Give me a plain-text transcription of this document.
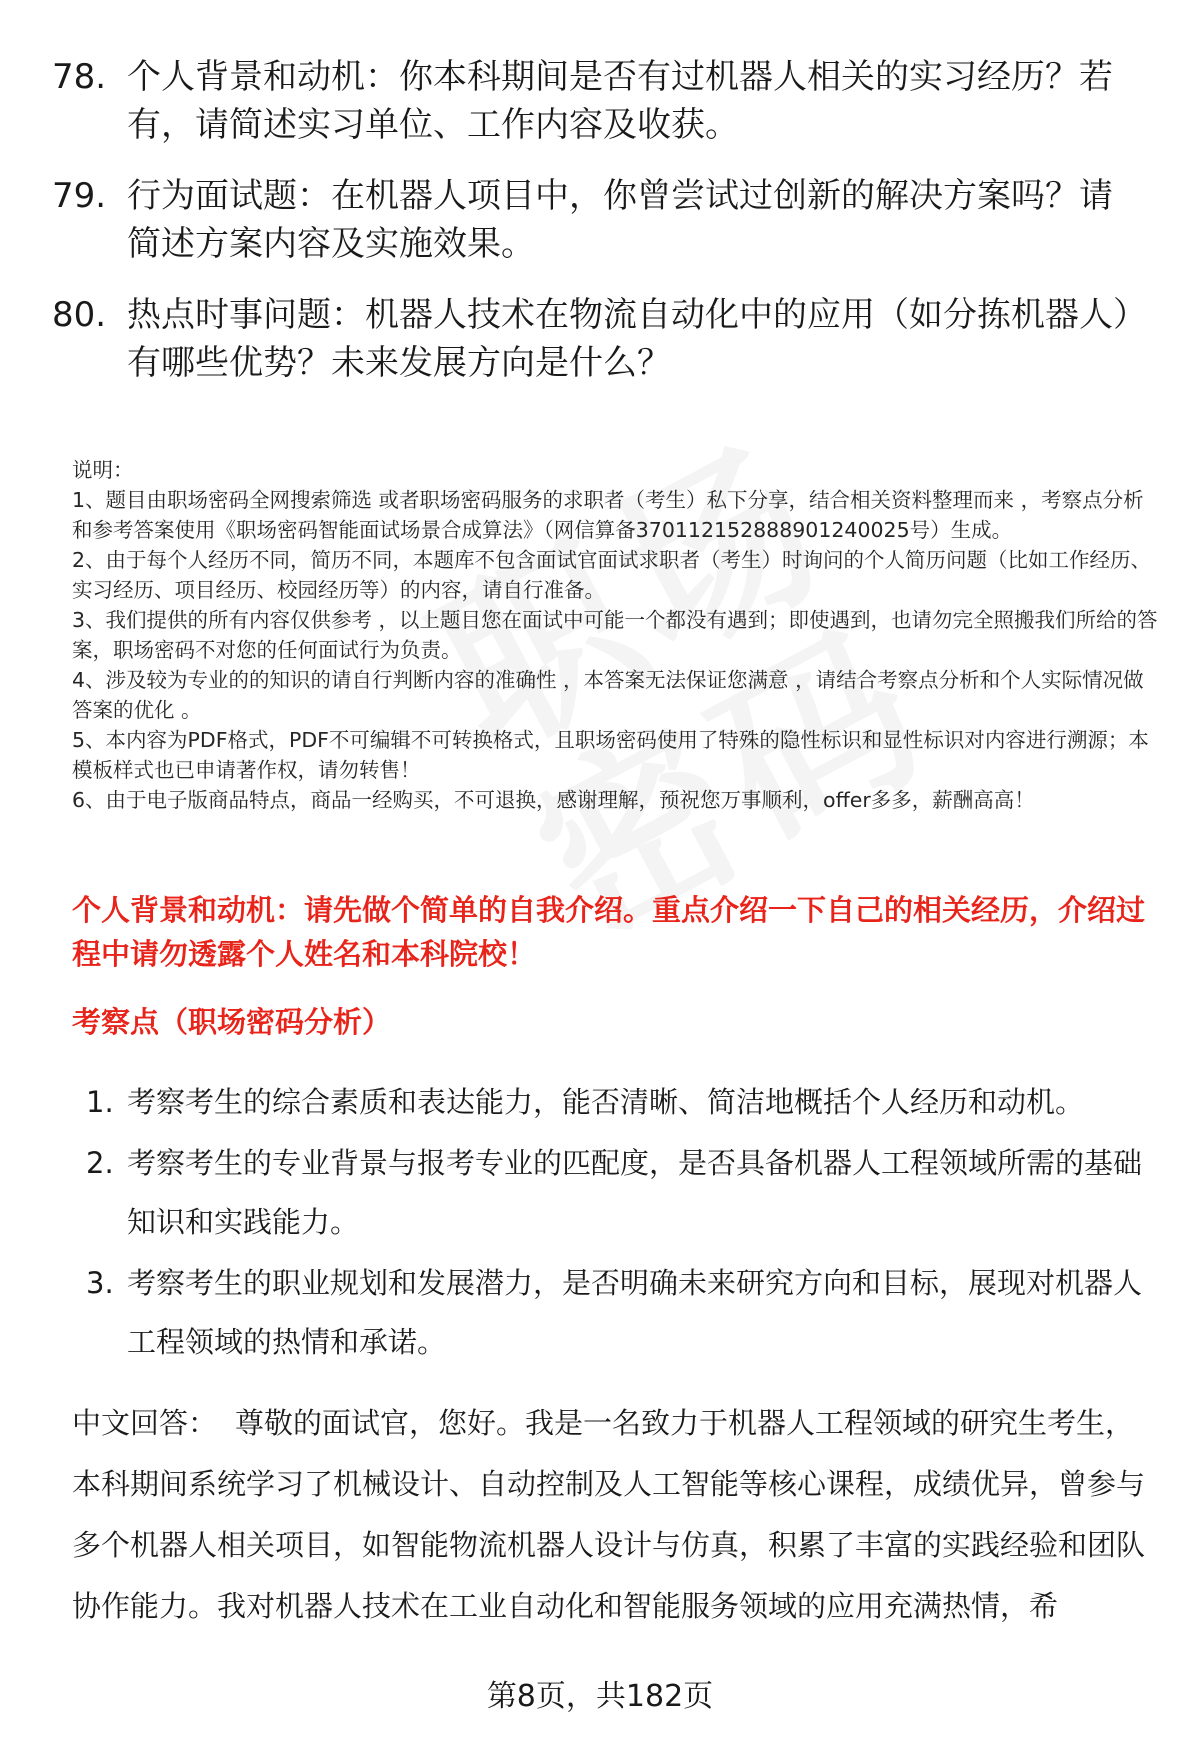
78. 个人背景和动机：你本科期间是否有过机器人相关的实习经历？若有，请简述实习单位、工作内容及收获。
79. 行为面试题：在机器人项目中，你曾尝试过创新的解决方案吗？请简述方案内容及实施效果。
80. 热点时事问题：机器人技术在物流自动化中的应用（如分拣机器人）有哪些优势？未来发展方向是什么？

说明：

1、题目由职场密码全网搜索筛选 或者职场密码服务的求职者（考生）私下分享，结合相关资料整理而来 ，考察点分析和参考答案使用《职场密码智能面试场景合成算法》（网信算备370112152888901240025号）生成。

2、由于每个人经历不同，简历不同，本题库不包含面试官面试求职者（考生）时询问的个人简历问题（比如工作经历、实习经历、项目经历、校园经历等）的内容，请自行准备。

3、我们提供的所有内容仅供参考 ，以上题目您在面试中可能一个都没有遇到；即使遇到，也请勿完全照搬我们所给的答案，职场密码不对您的任何面试行为负责。

4、涉及较为专业的的知识的请自行判断内容的准确性 ，本答案无法保证您满意 ，请结合考察点分析和个人实际情况做答案的优化 。

5、本内容为PDF格式，PDF不可编辑不可转换格式，且职场密码使用了特殊的隐性标识和显性标识对内容进行溯源；本模板样式也已申请著作权，请勿转售！

6、由于电子版商品特点，商品一经购买，不可退换，感谢理解，预祝您万事顺利，offer多多，薪酬高高！

个人背景和动机：请先做个简单的自我介绍。重点介绍一下自己的相关经历，介绍过程中请勿透露个人姓名和本科院校！
考察点（职场密码分析）
1. 考察考生的综合素质和表达能力，能否清晰、简洁地概括个人经历和动机。
2. 考察考生的专业背景与报考专业的匹配度，是否具备机器人工程领域所需的基础知识和实践能力。
3. 考察考生的职业规划和发展潜力，是否明确未来研究方向和目标，展现对机器人工程领域的热情和承诺。
中文回答： 尊敬的面试官，您好。我是一名致力于机器人工程领域的研究生考生，本科期间系统学习了机械设计、自动控制及人工智能等核心课程，成绩优异，曾参与多个机器人相关项目，如智能物流机器人设计与仿真，积累了丰富的实践经验和团队协作能力。我对机器人技术在工业自动化和智能服务领域的应用充满热情，希
第8页，共182页
